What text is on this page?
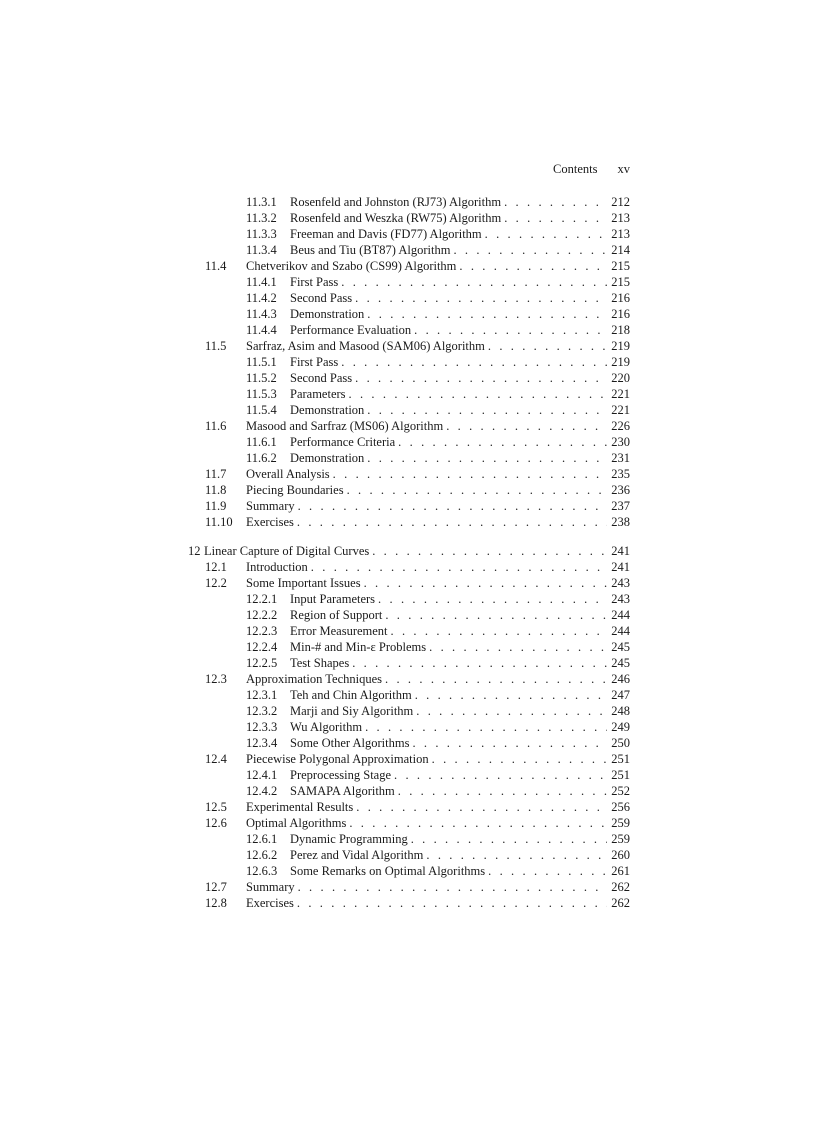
Contents xv
11.3.1 Rosenfeld and Johnston (RJ73) Algorithm . . .	212
11.3.2 Rosenfeld and Weszka (RW75) Algorithm . . .	213
11.3.3 Freeman and Davis (FD77) Algorithm . . .	213
11.3.4 Beus and Tiu (BT87) Algorithm . . .	214
11.4 Chetverikov and Szabo (CS99) Algorithm . . .	215
11.4.1 First Pass . . .	215
11.4.2 Second Pass . . .	216
11.4.3 Demonstration . . .	216
11.4.4 Performance Evaluation . . .	218
11.5 Sarfraz, Asim and Masood (SAM06) Algorithm . . .	219
11.5.1 First Pass . . .	219
11.5.2 Second Pass . . .	220
11.5.3 Parameters . . .	221
11.5.4 Demonstration . . .	221
11.6 Masood and Sarfraz (MS06) Algorithm . . .	226
11.6.1 Performance Criteria . . .	230
11.6.2 Demonstration . . .	231
11.7 Overall Analysis . . .	235
11.8 Piecing Boundaries . . .	236
11.9 Summary . . .	237
11.10 Exercises . . .	238
12 Linear Capture of Digital Curves . . .	241
12.1 Introduction . . .	241
12.2 Some Important Issues . . .	243
12.2.1 Input Parameters . . .	243
12.2.2 Region of Support . . .	244
12.2.3 Error Measurement . . .	244
12.2.4 Min-# and Min-ε Problems . . .	245
12.2.5 Test Shapes . . .	245
12.3 Approximation Techniques . . .	246
12.3.1 Teh and Chin Algorithm . . .	247
12.3.2 Marji and Siy Algorithm . . .	248
12.3.3 Wu Algorithm . . .	249
12.3.4 Some Other Algorithms . . .	250
12.4 Piecewise Polygonal Approximation . . .	251
12.4.1 Preprocessing Stage . . .	251
12.4.2 SAMAPA Algorithm . . .	252
12.5 Experimental Results . . .	256
12.6 Optimal Algorithms . . .	259
12.6.1 Dynamic Programming . . .	259
12.6.2 Perez and Vidal Algorithm . . .	260
12.6.3 Some Remarks on Optimal Algorithms . . .	261
12.7 Summary . . .	262
12.8 Exercises . . .	262
